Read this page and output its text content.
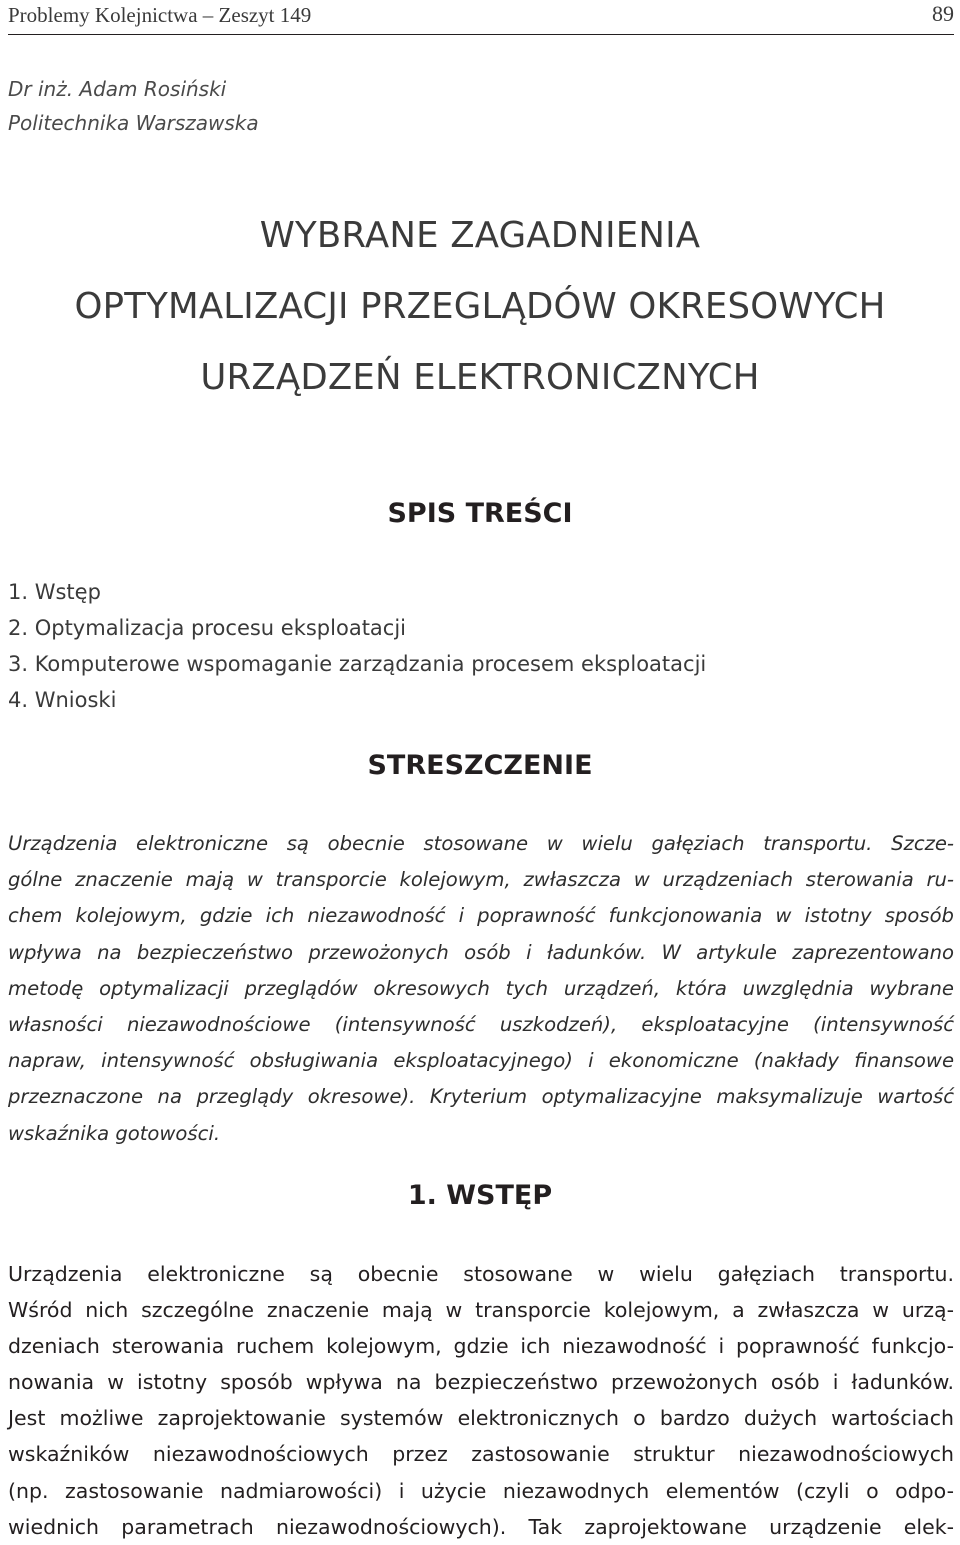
Problemy Kolejnictwa – Zeszyt 149	89
Dr inż. Adam Rosiński
Politechnika Warszawska
WYBRANE ZAGADNIENIA
OPTYMALIZACJI PRZEGLĄDÓW OKRESOWYCH
URZĄDZEŃ ELEKTRONICZNYCH
SPIS TREŚCI
1. Wstęp
2. Optymalizacja procesu eksploatacji
3. Komputerowe wspomaganie zarządzania procesem eksploatacji
4. Wnioski
STRESZCZENIE
Urządzenia elektroniczne są obecnie stosowane w wielu gałęziach transportu. Szcze-
gólne znaczenie mają w transporcie kolejowym, zwłaszcza w urządzeniach sterowania ru-
chem kolejowym, gdzie ich niezawodność i poprawność funkcjonowania w istotny sposób
wpływa na bezpieczeństwo przewożonych osób i ładunków. W artykule zaprezentowano
metodę optymalizacji przeglądów okresowych tych urządzeń, która uwzględnia wybrane
własności niezawodnościowe (intensywność uszkodzeń), eksploatacyjne (intensywność
napraw, intensywność obsługiwania eksploatacyjnego) i ekonomiczne (nakłady finansowe
przeznaczone na przeglądy okresowe). Kryterium optymalizacyjne maksymalizuje wartość
wskaźnika gotowości.
1. WSTĘP
Urządzenia elektroniczne są obecnie stosowane w wielu gałęziach transportu.
Wśród nich szczególne znaczenie mają w transporcie kolejowym, a zwłaszcza w urzą-
dzeniach sterowania ruchem kolejowym, gdzie ich niezawodność i poprawność funkcjo-
nowania w istotny sposób wpływa na bezpieczeństwo przewożonych osób i ładunków.
Jest możliwe zaprojektowanie systemów elektronicznych o bardzo dużych wartościach
wskaźników niezawodnościowych przez zastosowanie struktur niezawodnościowych
(np. zastosowanie nadmiarowości) i użycie niezawodnych elementów (czyli o odpo-
wiednich parametrach niezawodnościowych). Tak zaprojektowane urządzenie elek-
